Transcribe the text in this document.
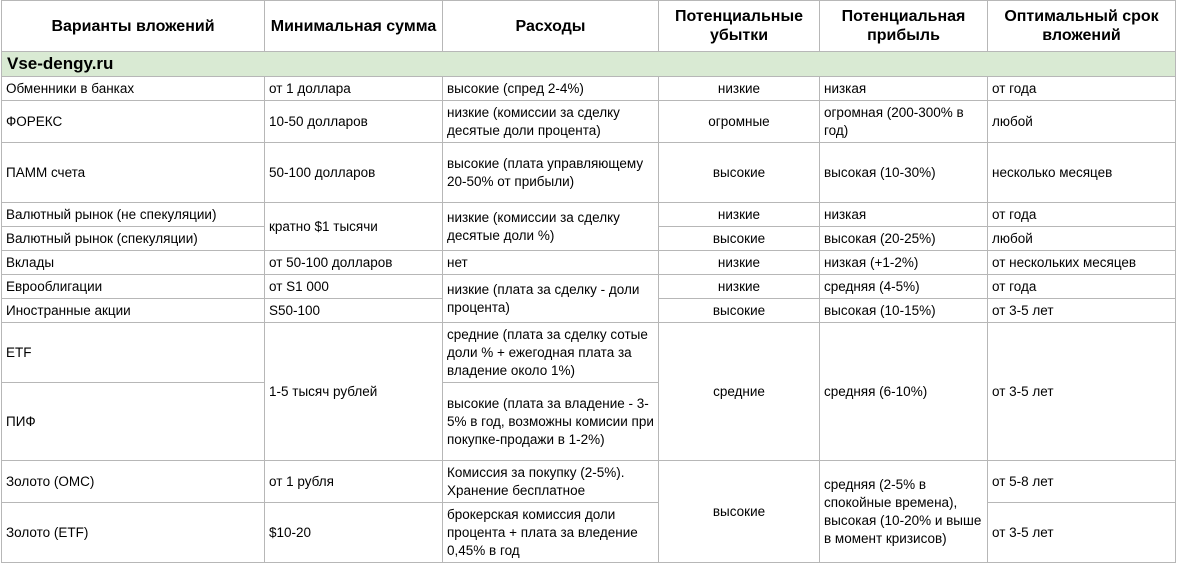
Варианты вложений	Минимальная сумма	Расходы	Потенциальные убытки	Потенциальная прибыль	Оптимальный срок вложений
Vse-dengy.ru					
Обменники в банках	от 1 доллара	высокие (спред 2-4%)	низкие	низкая	от года
ФОРЕКС	10-50 долларов	низкие (комиссии за сделку десятые доли процента)	огромные	огромная (200-300% в год)	любой
ПАММ счета	50-100 долларов	высокие (плата управляющему 20-50% от прибыли)	высокие	высокая (10-30%)	несколько месяцев
Валютный рынок (не спекуляции)	кратно $1 тысячи	низкие (комиссии за сделку десятые доли %)	низкие	низкая	от года
Валютный рынок (спекуляции)			высокие	высокая (20-25%)	любой
Вклады	от 50-100 долларов	нет	низкие	низкая (+1-2%)	от нескольких месяцев
Еврооблигации	от S1 000	низкие (плата за сделку - доли процента)	низкие	средняя (4-5%)	от года
Иностранные акции	S50-100		высокие	высокая (10-15%)	от 3-5 лет
ETF	1-5 тысяч рублей	средние (плата за сделку сотые доли % + ежегодная плата за владение около 1%)	средние	средняя (6-10%)	от 3-5 лет
ПИФ		высокие (плата за владение - 3-5% в год, возможны комисии при покупке-продажи в 1-2%)			
Золото (ОМС)	от 1 рубля	Комиссия за покупку (2-5%). Хранение бесплатное	высокие	средняя (2-5% в спокойные времена), высокая (10-20% и выше в момент кризисов)	от 5-8 лет
Золото (ETF)	$10-20	брокерская комиссия доли процента + плата за вледение 0,45% в год			от 3-5 лет
